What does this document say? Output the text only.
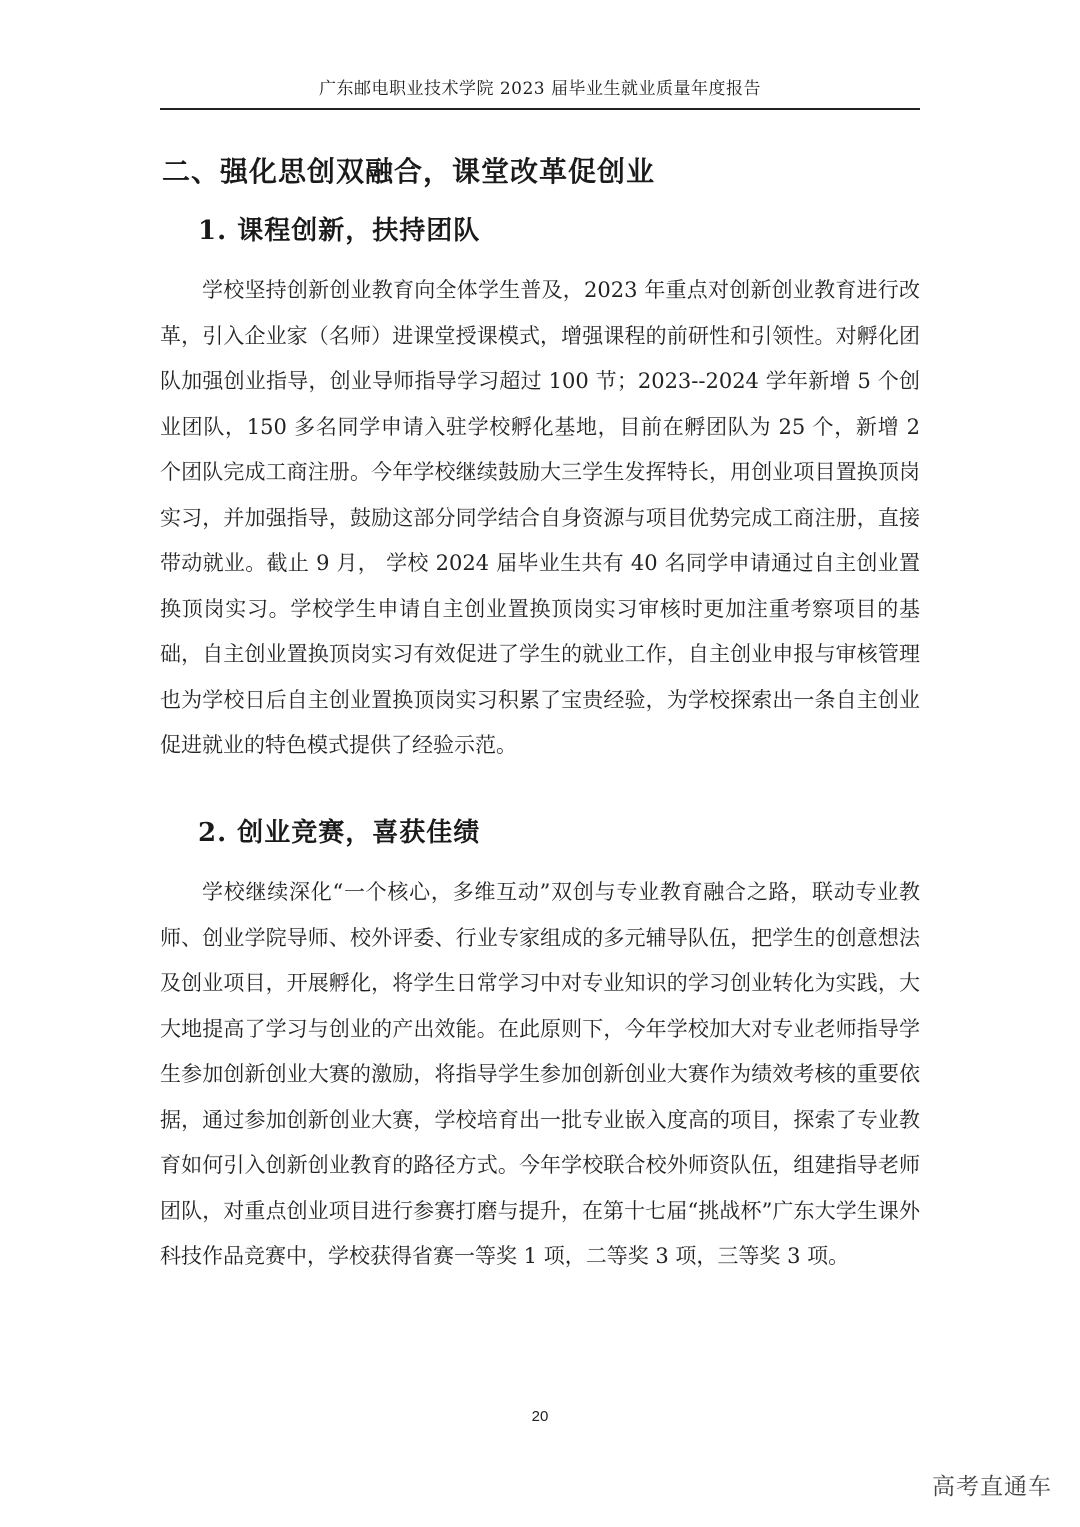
广东邮电职业技术学院 2023 届毕业生就业质量年度报告
二、强化思创双融合，课堂改革促创业
1. 课程创新，扶持团队
学校坚持创新创业教育向全体学生普及，2023 年重点对创新创业教育进行改革，引入企业家（名师）进课堂授课模式，增强课程的前研性和引领性。对孵化团队加强创业指导，创业导师指导学习超过 100 节；2023--2024 学年新增 5 个创业团队，150 多名同学申请入驻学校孵化基地，目前在孵团队为 25 个，新增 2 个团队完成工商注册。今年学校继续鼓励大三学生发挥特长，用创业项目置换顶岗实习，并加强指导，鼓励这部分同学结合自身资源与项目优势完成工商注册，直接带动就业。截止 9 月， 学校 2024 届毕业生共有 40 名同学申请通过自主创业置换顶岗实习。学校学生申请自主创业置换顶岗实习审核时更加注重考察项目的基础，自主创业置换顶岗实习有效促进了学生的就业工作，自主创业申报与审核管理也为学校日后自主创业置换顶岗实习积累了宝贵经验，为学校探索出一条自主创业促进就业的特色模式提供了经验示范。
2. 创业竞赛，喜获佳绩
学校继续深化“一个核心，多维互动”双创与专业教育融合之路，联动专业教师、创业学院导师、校外评委、行业专家组成的多元辅导队伍，把学生的创意想法及创业项目，开展孵化，将学生日常学习中对专业知识的学习创业转化为实践，大大地提高了学习与创业的产出效能。在此原则下，今年学校加大对专业老师指导学生参加创新创业大赛的激励，将指导学生参加创新创业大赛作为绩效考核的重要依据，通过参加创新创业大赛，学校培育出一批专业嵌入度高的项目，探索了专业教育如何引入创新创业教育的路径方式。今年学校联合校外师资队伍，组建指导老师团队，对重点创业项目进行参赛打磨与提升，在第十七届“挑战杯”广东大学生课外科技作品竞赛中，学校获得省赛一等奖 1 项，二等奖 3 项，三等奖 3 项。
20
高考直通车
